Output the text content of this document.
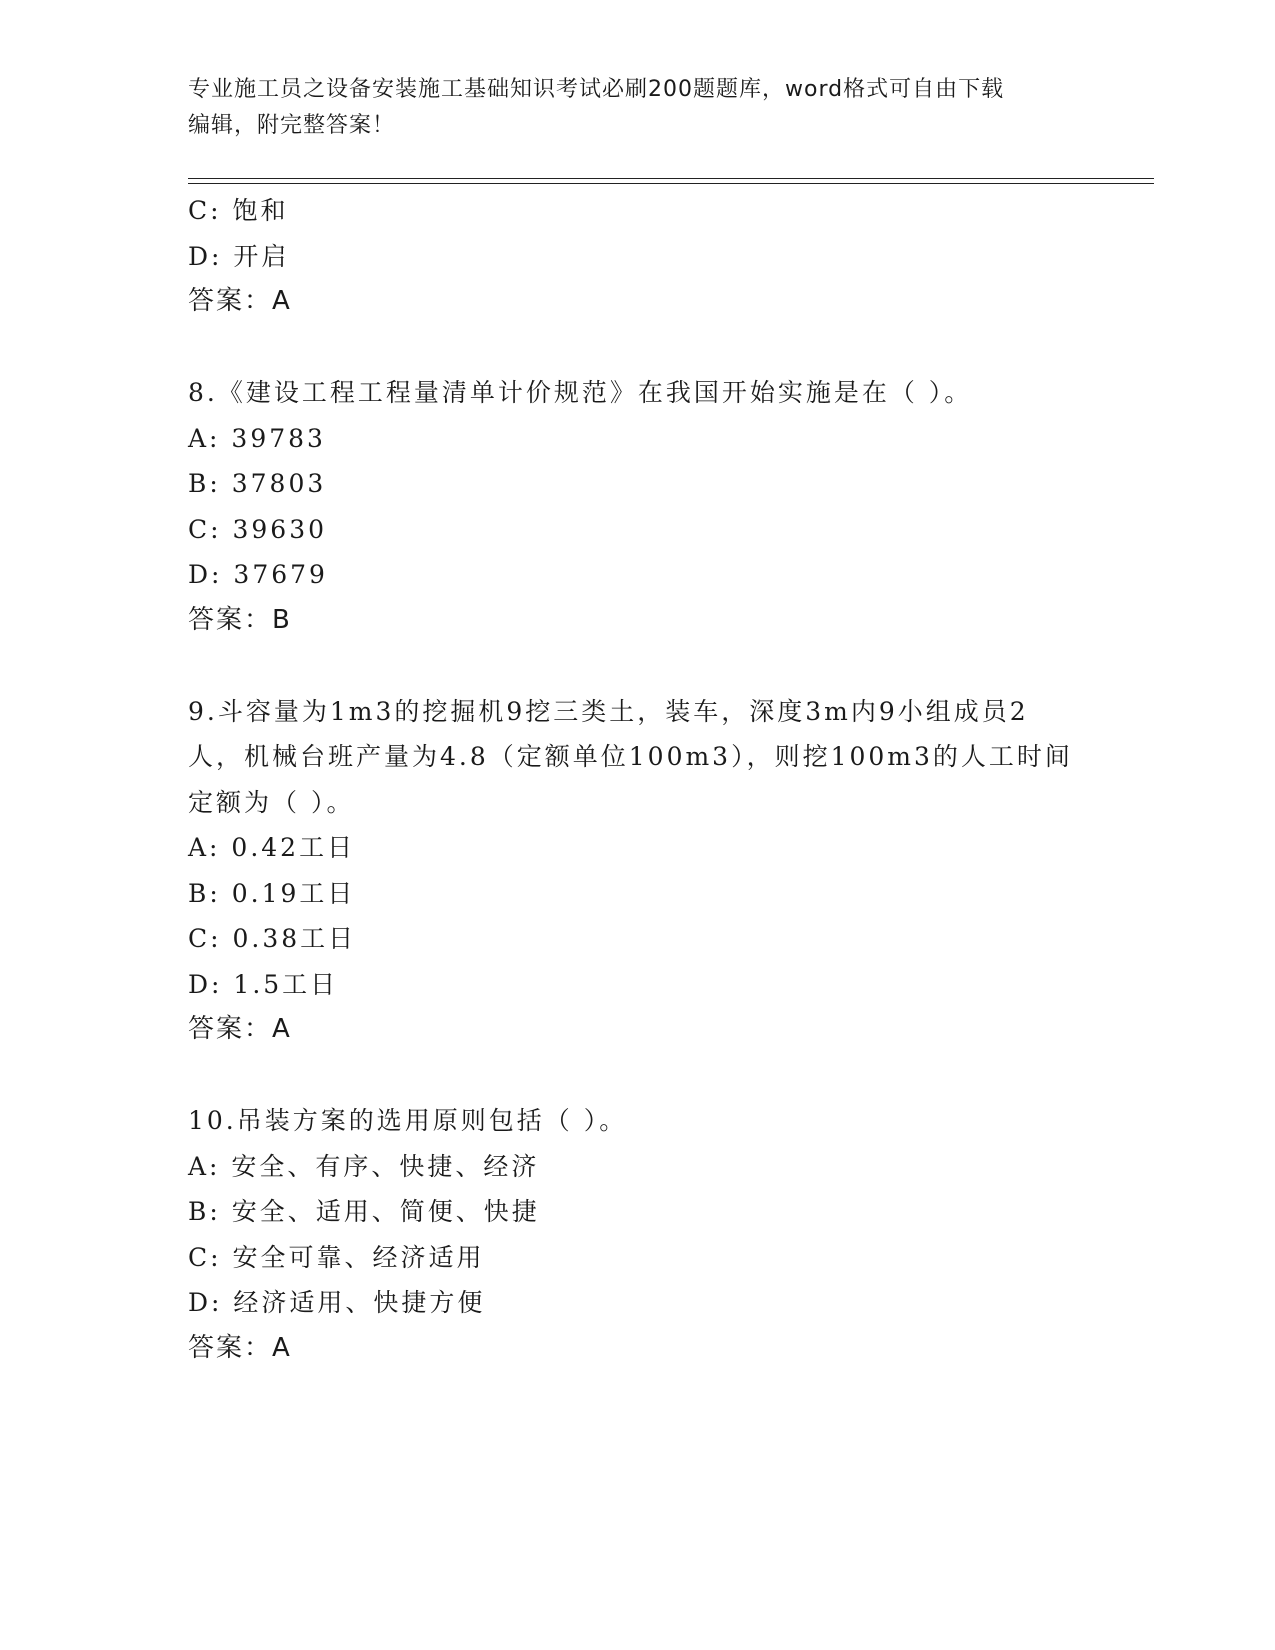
专业施工员之设备安装施工基础知识考试必刷200题题库，word格式可自由下载
编辑，附完整答案！
C: 饱和
D: 开启
答案：A
8.《建设工程工程量清单计价规范》在我国开始实施是在（ ）。
A: 39783
B: 37803
C: 39630
D: 37679
答案：B
9.斗容量为1m3的挖掘机9挖三类土，装车，深度3m内9小组成员2
人，机械台班产量为4.8（定额单位100m3），则挖100m3的人工时间
定额为（ ）。
A: 0.42工日
B: 0.19工日
C: 0.38工日
D: 1.5工日
答案：A
10.吊装方案的选用原则包括（ ）。
A: 安全、有序、快捷、经济
B: 安全、适用、简便、快捷
C: 安全可靠、经济适用
D: 经济适用、快捷方便
答案：A
